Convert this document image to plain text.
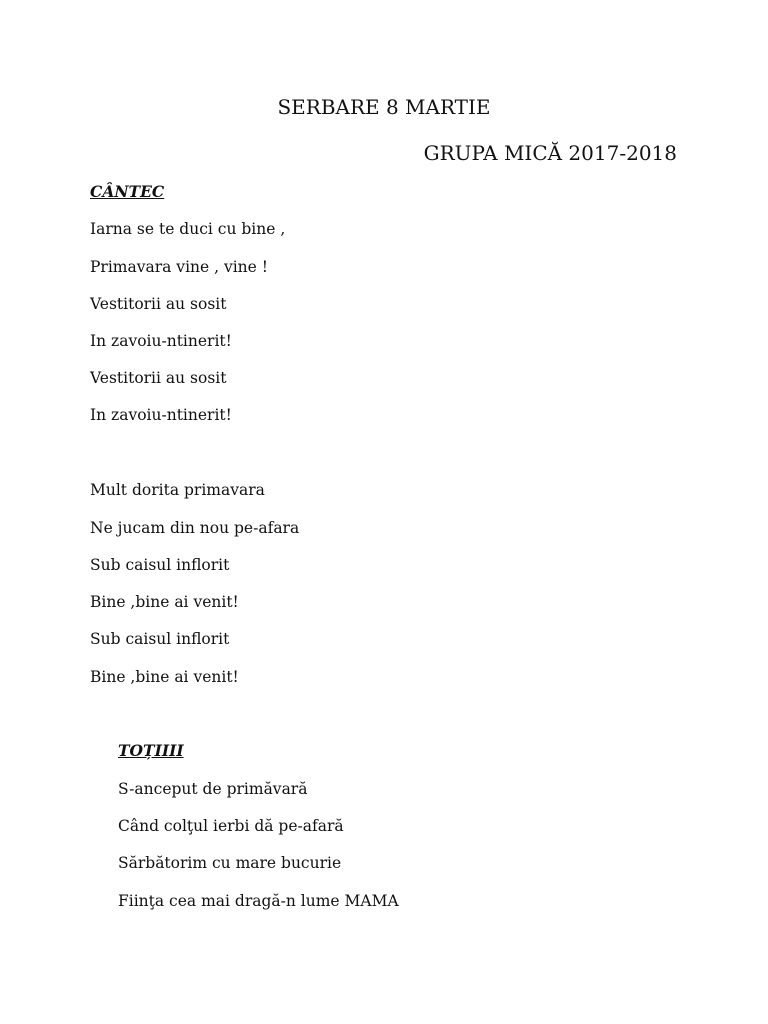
SERBARE 8 MARTIE
GRUPA MICĂ 2017-2018
CÂNTEC
Iarna se te duci cu bine ,
Primavara vine , vine !
Vestitorii au sosit
In zavoiu-ntinerit!
Vestitorii au sosit
In zavoiu-ntinerit!
Mult dorita primavara
Ne jucam din nou pe-afara
Sub caisul inflorit
Bine ,bine ai venit!
Sub caisul inflorit
Bine ,bine ai venit!
TOȚIIII
S-anceput de primăvară
Când colţul ierbi dă pe-afară
Sărbătorim cu mare bucurie
Fiinţa cea mai dragă-n lume MAMA
